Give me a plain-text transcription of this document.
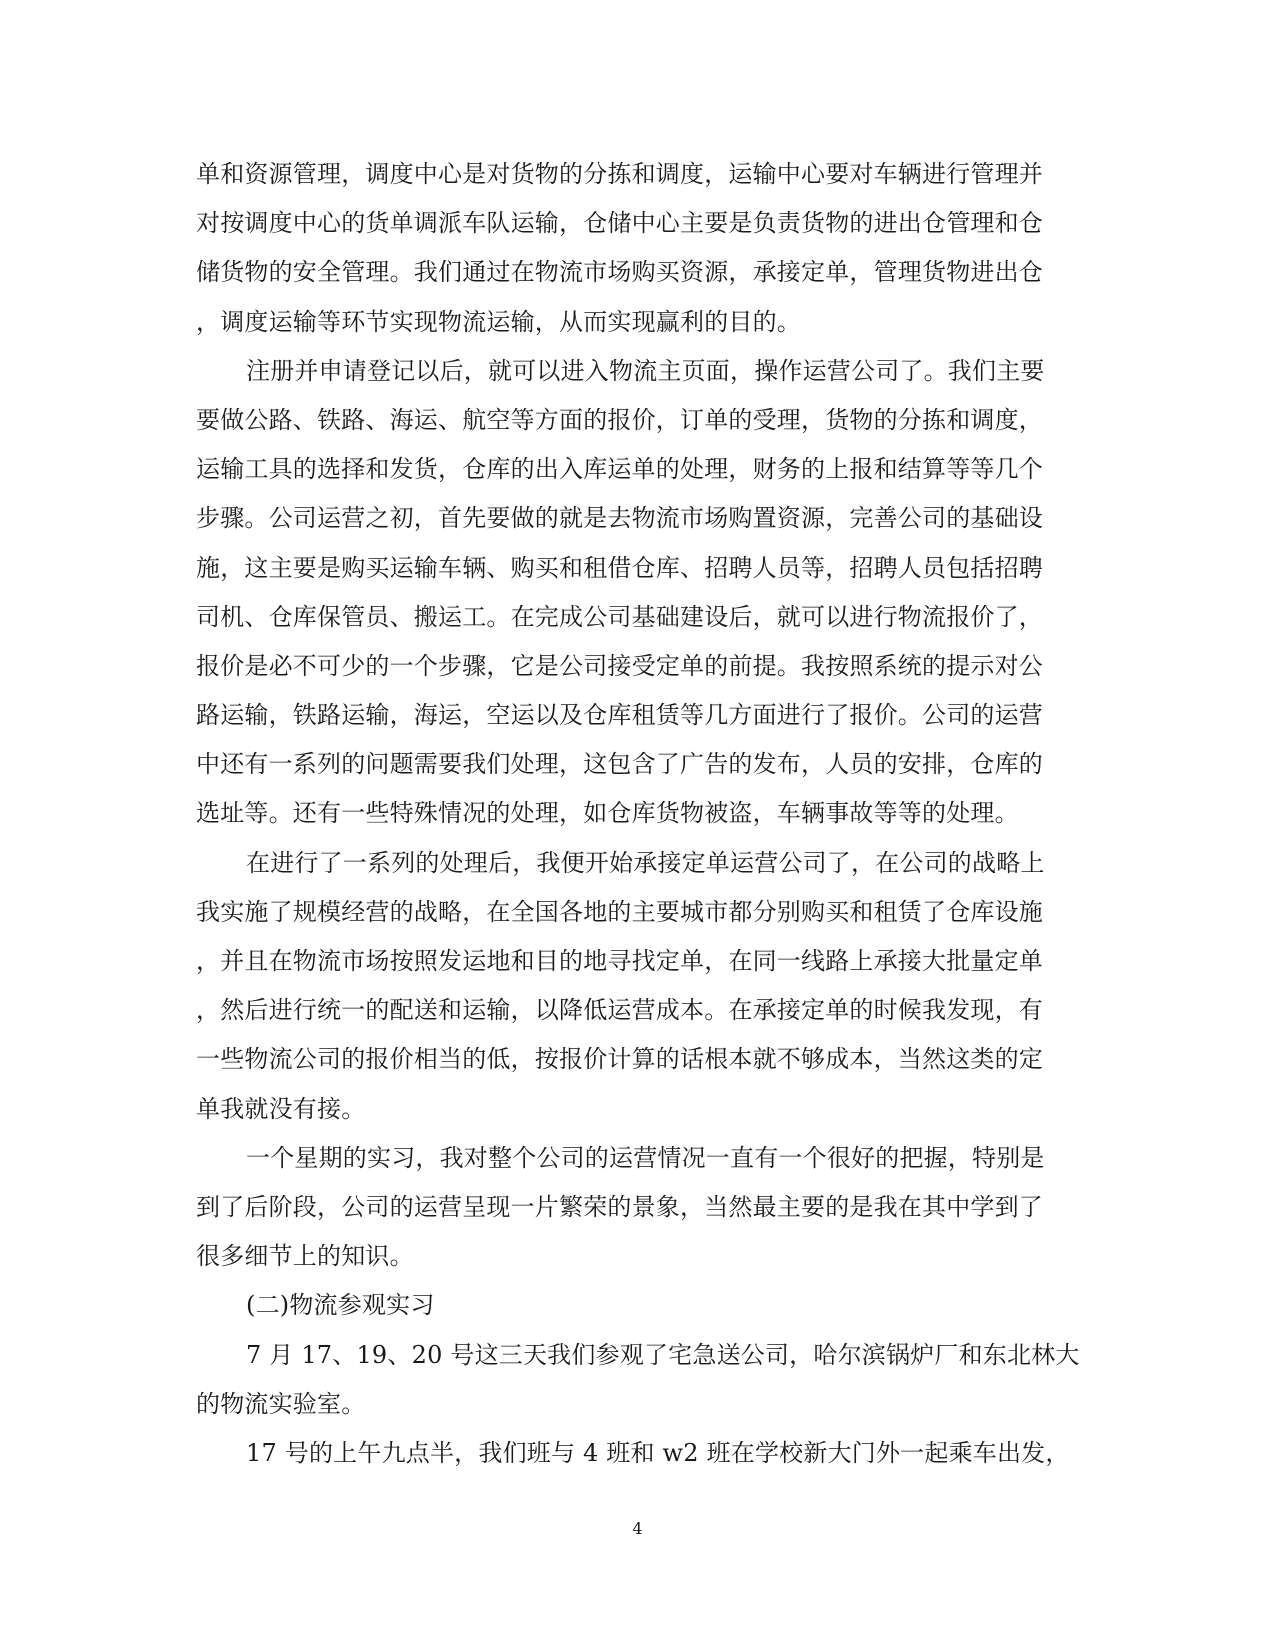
单和资源管理，调度中心是对货物的分拣和调度，运输中心要对车辆进行管理并
对按调度中心的货单调派车队运输，仓储中心主要是负责货物的进出仓管理和仓
储货物的安全管理。我们通过在物流市场购买资源，承接定单，管理货物进出仓
，调度运输等环节实现物流运输，从而实现赢利的目的。
注册并申请登记以后，就可以进入物流主页面，操作运营公司了。我们主要
要做公路、铁路、海运、航空等方面的报价，订单的受理，货物的分拣和调度，
运输工具的选择和发货，仓库的出入库运单的处理，财务的上报和结算等等几个
步骤。公司运营之初，首先要做的就是去物流市场购置资源，完善公司的基础设
施，这主要是购买运输车辆、购买和租借仓库、招聘人员等，招聘人员包括招聘
司机、仓库保管员、搬运工。在完成公司基础建设后，就可以进行物流报价了，
报价是必不可少的一个步骤，它是公司接受定单的前提。我按照系统的提示对公
路运输，铁路运输，海运，空运以及仓库租赁等几方面进行了报价。公司的运营
中还有一系列的问题需要我们处理，这包含了广告的发布，人员的安排，仓库的
选址等。还有一些特殊情况的处理，如仓库货物被盗，车辆事故等等的处理。
在进行了一系列的处理后，我便开始承接定单运营公司了，在公司的战略上
我实施了规模经营的战略，在全国各地的主要城市都分别购买和租赁了仓库设施
，并且在物流市场按照发运地和目的地寻找定单，在同一线路上承接大批量定单
，然后进行统一的配送和运输，以降低运营成本。在承接定单的时候我发现，有
一些物流公司的报价相当的低，按报价计算的话根本就不够成本，当然这类的定
单我就没有接。
一个星期的实习，我对整个公司的运营情况一直有一个很好的把握，特别是
到了后阶段，公司的运营呈现一片繁荣的景象，当然最主要的是我在其中学到了
很多细节上的知识。
(二)物流参观实习
7 月 17、19、20 号这三天我们参观了宅急送公司，哈尔滨锅炉厂和东北林大
的物流实验室。
17 号的上午九点半，我们班与 4 班和 w2 班在学校新大门外一起乘车出发，
4
